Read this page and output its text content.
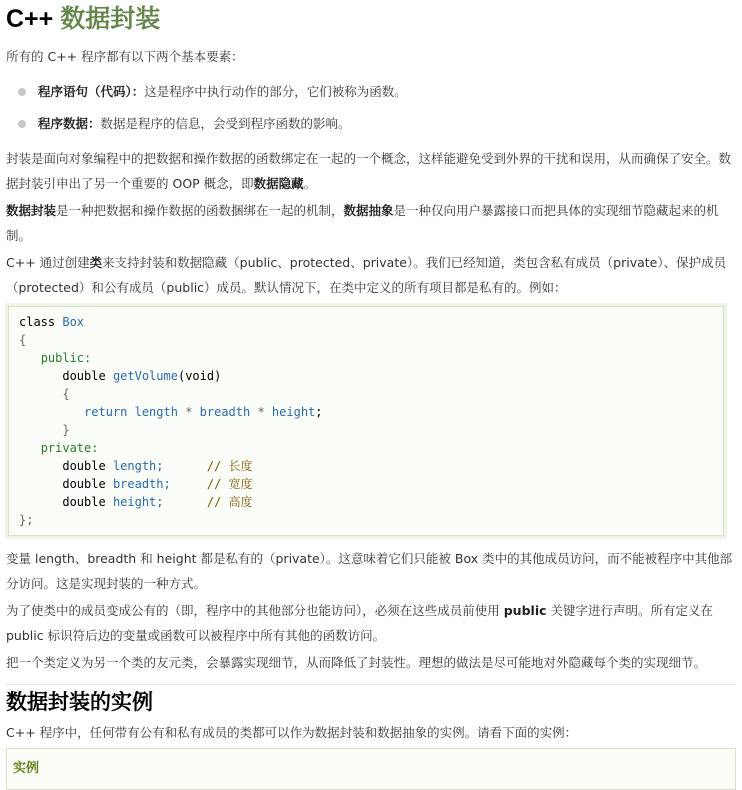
C++ 数据封装

所有的 C++ 程序都有以下两个基本要素：

程序语句（代码）：这是程序中执行动作的部分，它们被称为函数。
程序数据：数据是程序的信息，会受到程序函数的影响。

封装是面向对象编程中的把数据和操作数据的函数绑定在一起的一个概念，这样能避免受到外界的干扰和误用，从而确保了安全。数据封装引申出了另一个重要的 OOP 概念，即数据隐藏。

数据封装是一种把数据和操作数据的函数捆绑在一起的机制，数据抽象是一种仅向用户暴露接口而把具体的实现细节隐藏起来的机制。

C++ 通过创建类来支持封装和数据隐藏（public、protected、private）。我们已经知道，类包含私有成员（private）、保护成员（protected）和公有成员（public）成员。默认情况下，在类中定义的所有项目都是私有的。例如：

class Box
{
public:
double getVolume(void)
{
return length * breadth * height;
}
private:
double length;	// 长度
double breadth;	// 宽度
double height;	// 高度
};

变量 length、breadth 和 height 都是私有的（private）。这意味着它们只能被 Box 类中的其他成员访问，而不能被程序中其他部分访问。这是实现封装的一种方式。

为了使类中的成员变成公有的（即，程序中的其他部分也能访问），必须在这些成员前使用 public 关键字进行声明。所有定义在 public 标识符后边的变量或函数可以被程序中所有其他的函数访问。

把一个类定义为另一个类的友元类，会暴露实现细节，从而降低了封装性。理想的做法是尽可能地对外隐藏每个类的实现细节。

数据封装的实例

C++ 程序中，任何带有公有和私有成员的类都可以作为数据封装和数据抽象的实例。请看下面的实例：

实例
